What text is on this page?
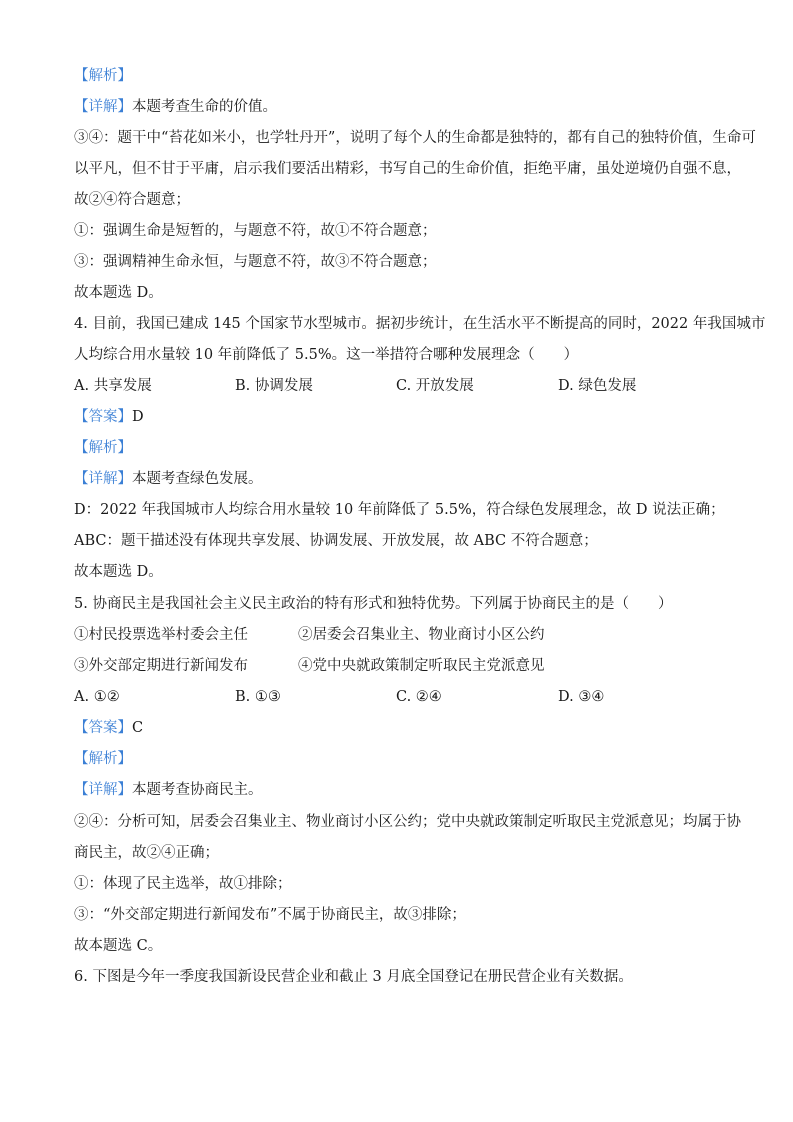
【解析】
【详解】本题考查生命的价值。
③④：题干中“苔花如米小，也学牡丹开”，说明了每个人的生命都是独特的，都有自己的独特价值，生命可
以平凡，但不甘于平庸，启示我们要活出精彩，书写自己的生命价值，拒绝平庸，虽处逆境仍自强不息，
故②④符合题意；
①：强调生命是短暂的，与题意不符，故①不符合题意；
③：强调精神生命永恒，与题意不符，故③不符合题意；
故本题选 D。
4. 目前，我国已建成 145 个国家节水型城市。据初步统计，在生活水平不断提高的同时，2022 年我国城市
人均综合用水量较 10 年前降低了 5.5%。这一举措符合哪种发展理念（　　）
A. 共享发展	B. 协调发展	C. 开放发展	D. 绿色发展
【答案】D
【解析】
【详解】本题考查绿色发展。
D：2022 年我国城市人均综合用水量较 10 年前降低了 5.5%，符合绿色发展理念，故 D 说法正确；
ABC：题干描述没有体现共享发展、协调发展、开放发展，故 ABC 不符合题意；
故本题选 D。
5. 协商民主是我国社会主义民主政治的特有形式和独特优势。下列属于协商民主的是（　　）
①村民投票选举村委会主任	②居委会召集业主、物业商讨小区公约
③外交部定期进行新闻发布	④党中央就政策制定听取民主党派意见
A. ①②	B. ①③	C. ②④	D. ③④
【答案】C
【解析】
【详解】本题考查协商民主。
②④：分析可知，居委会召集业主、物业商讨小区公约；党中央就政策制定听取民主党派意见；均属于协
商民主，故②④正确；
①：体现了民主选举，故①排除；
③：“外交部定期进行新闻发布”不属于协商民主，故③排除；
故本题选 C。
6. 下图是今年一季度我国新设民营企业和截止 3 月底全国登记在册民营企业有关数据。
